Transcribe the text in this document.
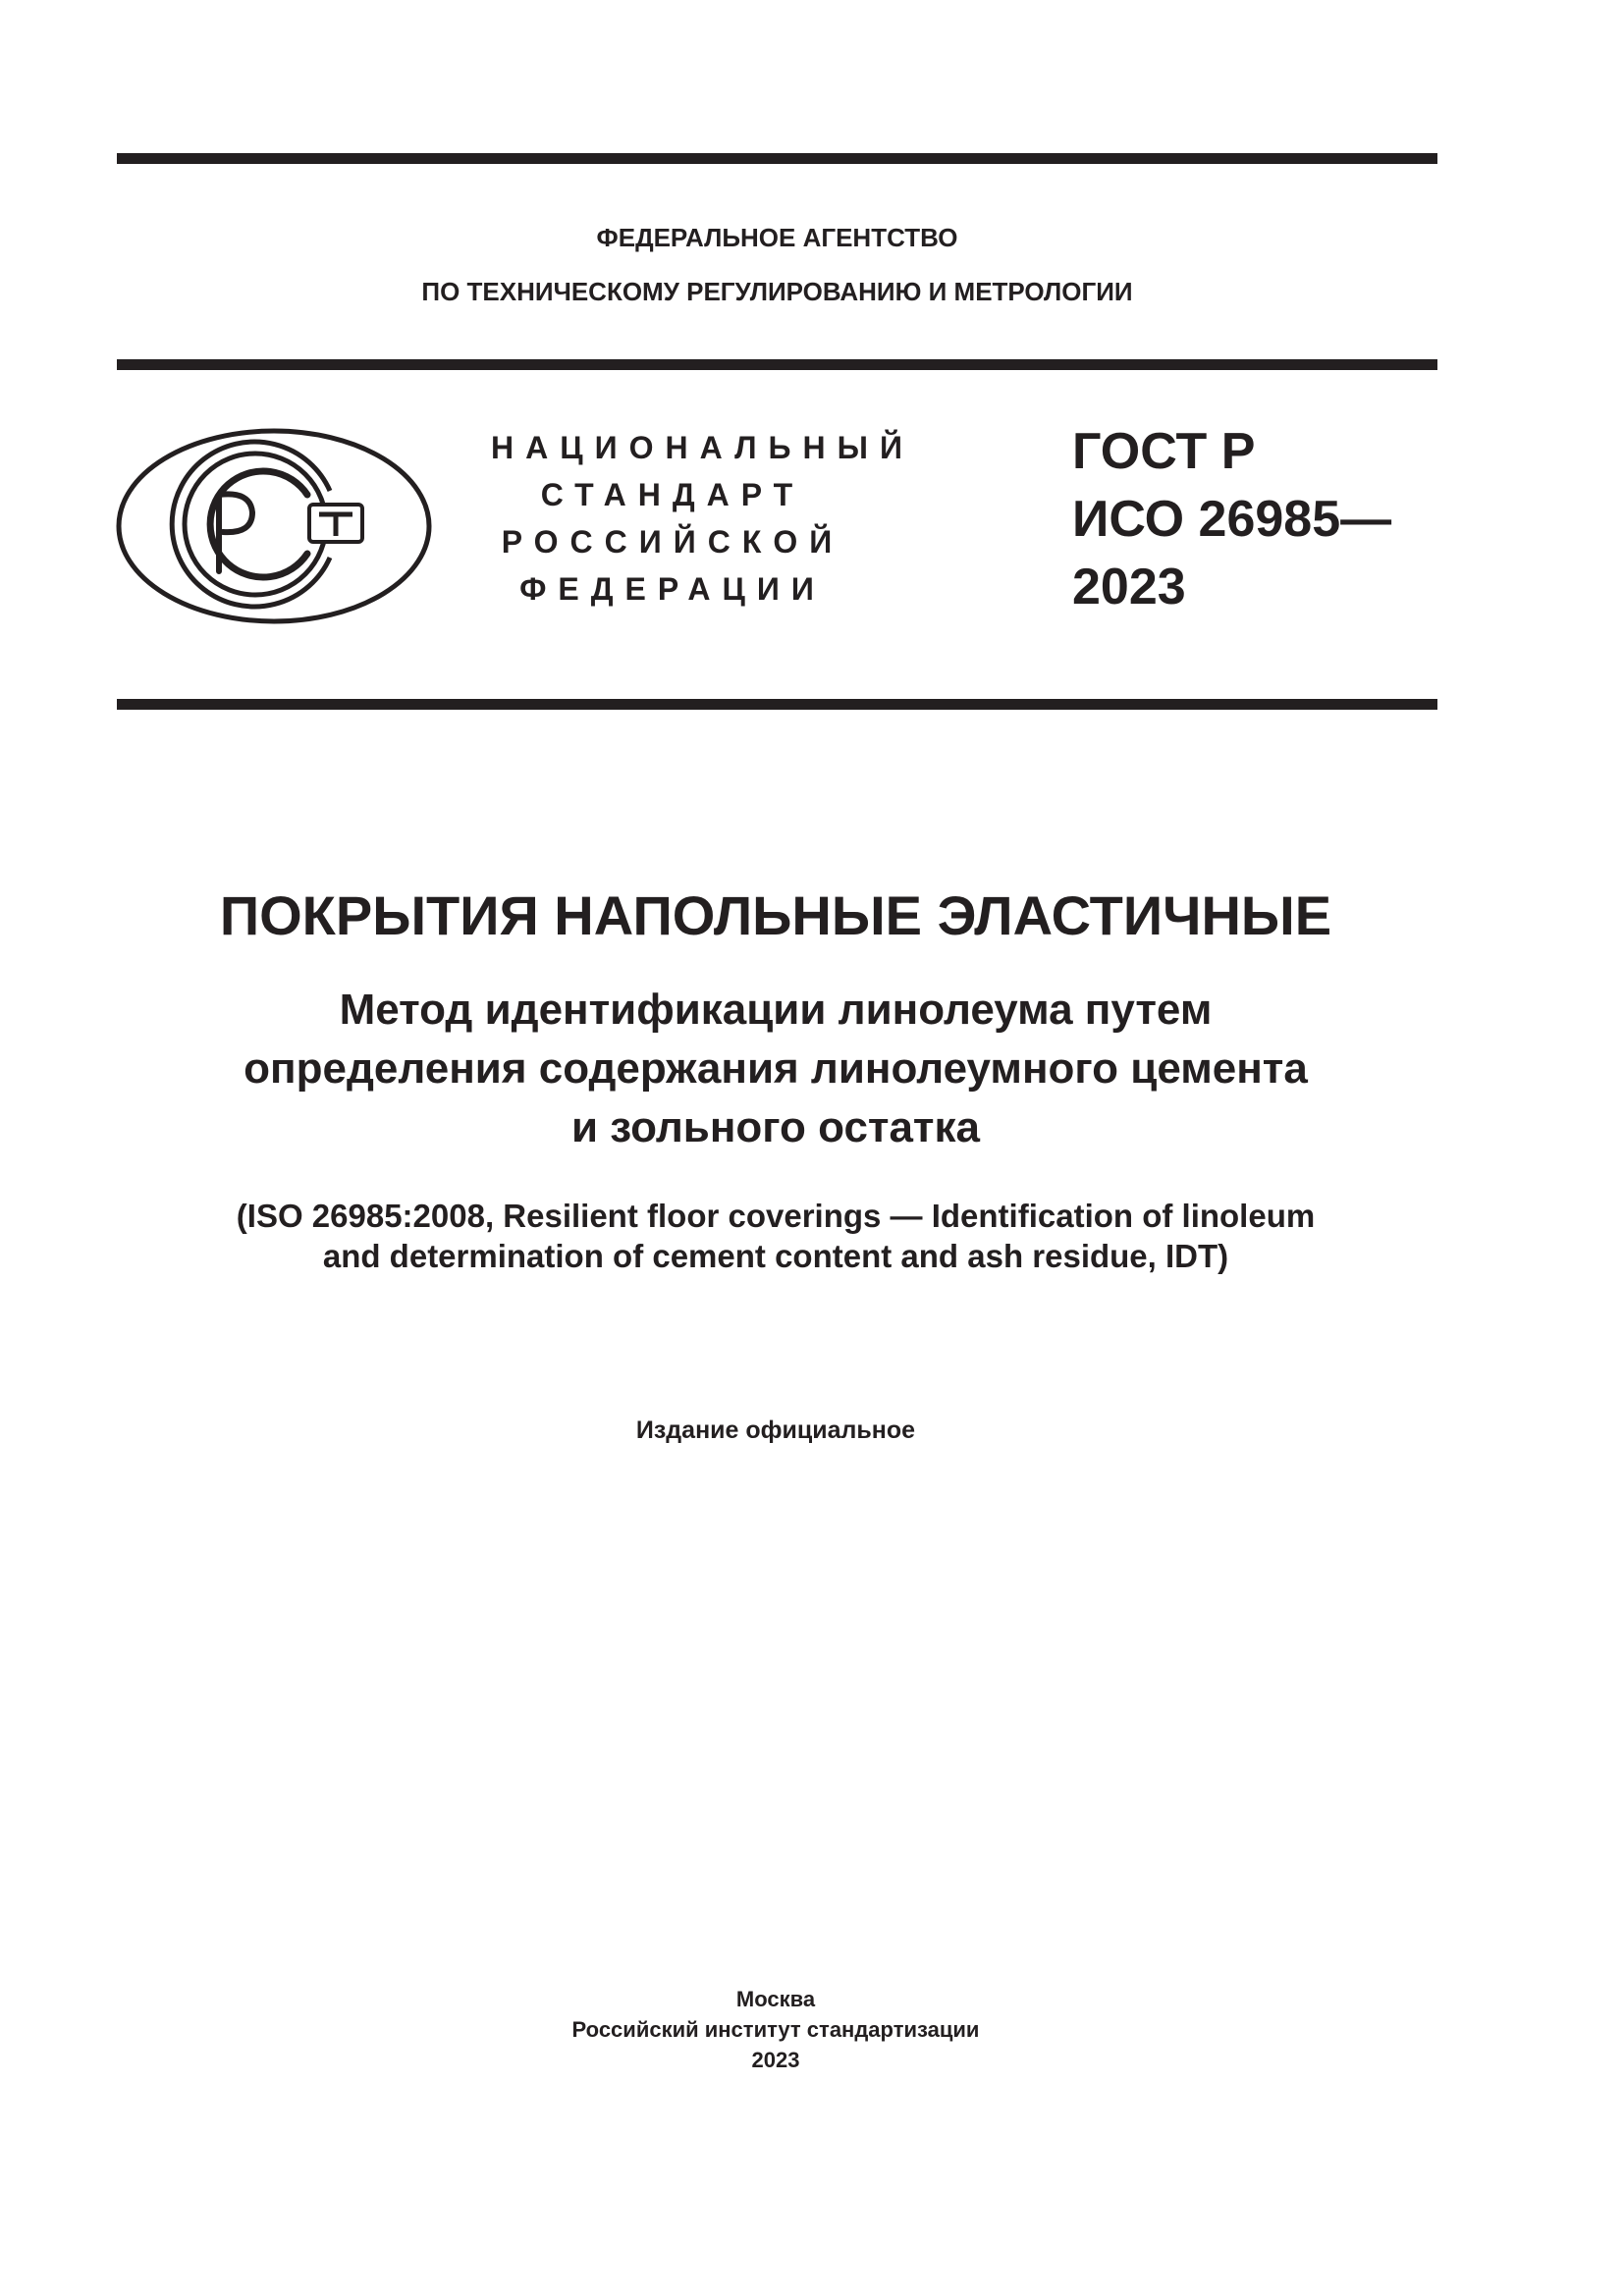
ФЕДЕРАЛЬНОЕ АГЕНТСТВО
ПО ТЕХНИЧЕСКОМУ РЕГУЛИРОВАНИЮ И МЕТРОЛОГИИ
НАЦИОНАЛЬНЫЙ
СТАНДАРТ
РОССИЙСКОЙ
ФЕДЕРАЦИИ
ГОСТ Р
ИСО 26985—
2023
ПОКРЫТИЯ НАПОЛЬНЫЕ ЭЛАСТИЧНЫЕ
Метод идентификации линолеума путем
определения содержания линолеумного цемента
и зольного остатка
(ISO 26985:2008, Resilient floor coverings — Identification of linoleum
and determination of cement content and ash residue, IDT)
Издание официальное
Москва
Российский институт стандартизации
2023
